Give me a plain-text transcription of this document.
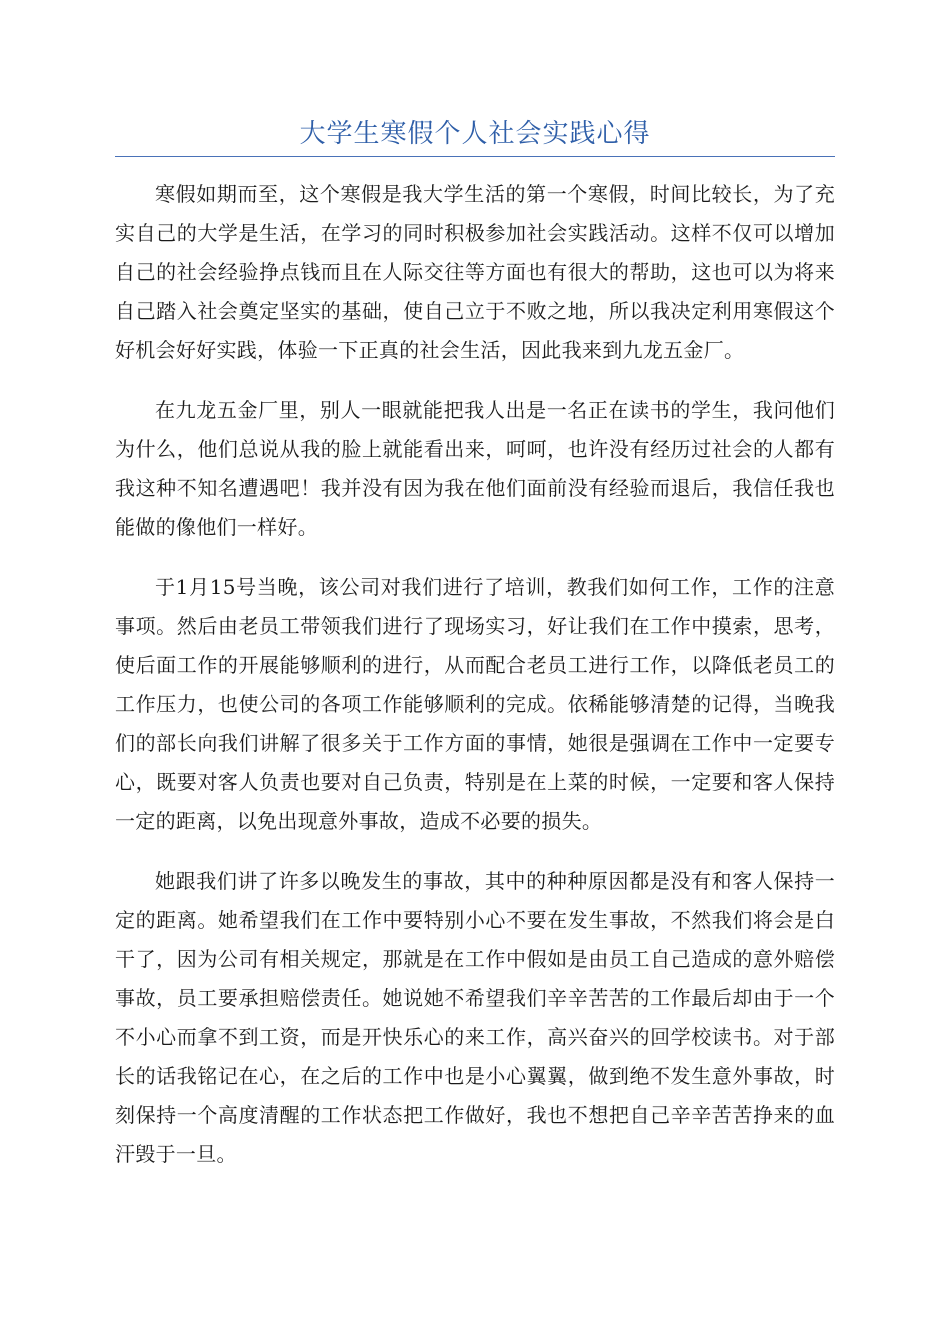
大学生寒假个人社会实践心得

寒假如期而至，这个寒假是我大学生活的第一个寒假，时间比较长，为了充实自己的大学是生活，在学习的同时积极参加社会实践活动。这样不仅可以增加自己的社会经验挣点钱而且在人际交往等方面也有很大的帮助，这也可以为将来自己踏入社会奠定坚实的基础，使自己立于不败之地，所以我决定利用寒假这个好机会好好实践，体验一下正真的社会生活，因此我来到九龙五金厂。

在九龙五金厂里，别人一眼就能把我人出是一名正在读书的学生，我问他们为什么，他们总说从我的脸上就能看出来，呵呵，也许没有经历过社会的人都有我这种不知名遭遇吧！我并没有因为我在他们面前没有经验而退后，我信任我也能做的像他们一样好。

于1月15号当晚，该公司对我们进行了培训，教我们如何工作，工作的注意事项。然后由老员工带领我们进行了现场实习，好让我们在工作中摸索，思考，使后面工作的开展能够顺利的进行，从而配合老员工进行工作，以降低老员工的工作压力，也使公司的各项工作能够顺利的完成。依稀能够清楚的记得，当晚我们的部长向我们讲解了很多关于工作方面的事情，她很是强调在工作中一定要专心，既要对客人负责也要对自己负责，特别是在上菜的时候，一定要和客人保持一定的距离，以免出现意外事故，造成不必要的损失。

她跟我们讲了许多以晚发生的事故，其中的种种原因都是没有和客人保持一定的距离。她希望我们在工作中要特别小心不要在发生事故，不然我们将会是白干了，因为公司有相关规定，那就是在工作中假如是由员工自己造成的意外赔偿事故，员工要承担赔偿责任。她说她不希望我们辛辛苦苦的工作最后却由于一个不小心而拿不到工资，而是开快乐心的来工作，高兴奋兴的回学校读书。对于部长的话我铭记在心，在之后的工作中也是小心翼翼，做到绝不发生意外事故，时刻保持一个高度清醒的工作状态把工作做好，我也不想把自己辛辛苦苦挣来的血汗毁于一旦。
